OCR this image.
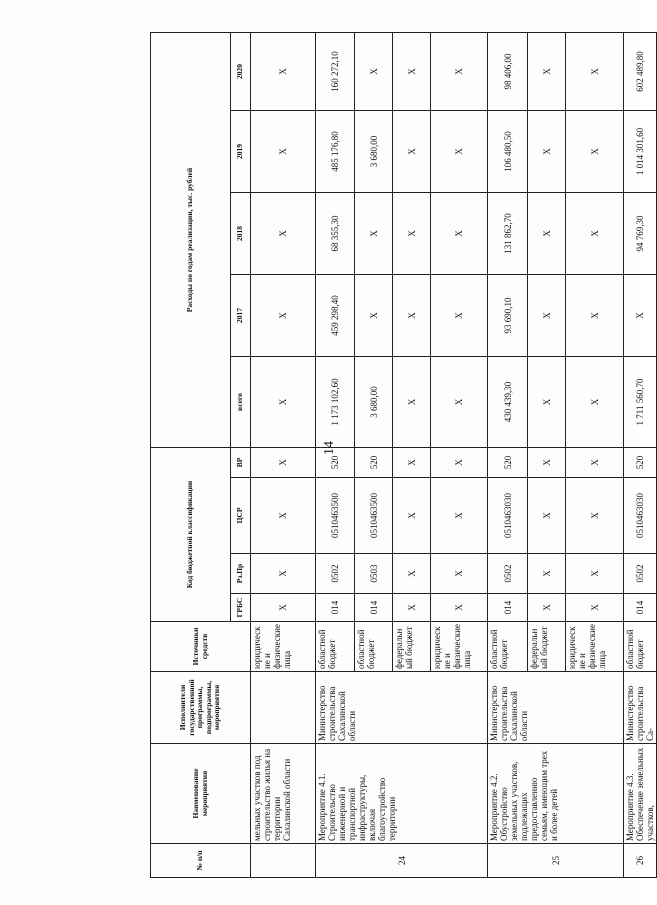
14
№ п/п	Наименование мероприятия	Исполнители государственной программы, подпрограммы, мероприятия	Источники средств	Код бюджетной классификации				Расходы по годам реализации, тыс. рублей				
				ГРБС	Рз.Пр	ЦСР	ВР	всего	2017	2018	2019	2020
	мельных участков под строительство жилья на территории Сахалинской области		юридические и физические лица	X	X	X	X	X	X	X	X	X
24	Мероприятие 4.1. Строительство инженерной и транспортной инфраструктуры, включая благоустройство территории	Министерство строительства Сахалинской области	областной бюджет	014	0502	0510463500	520	1 173 102,60	459 298,40	68 355,30	485 176,80	160 272,10
			областной бюджет	014	0503	0510463500	520	3 680,00	X	X	3 680,00	X
			федеральный бюджет	X	X	X	X	X	X	X	X	X
			юридические и физические лица	X	X	X	X	X	X	X	X	X
25	Мероприятие 4.2. Обустройство земельных участков, подлежащих предоставлению семьям, имеющим трех и более детей	Министерство строительства Сахалинской области	областной бюджет	014	0502	0510463030	520	430 439,30	93 690,10	131 862,70	106 480,50	98 406,00
			федеральный бюджет	X	X	X	X	X	X	X	X	X
			юридические и физические лица	X	X	X	X	X	X	X	X	X
26	Мероприятие 4.3. Обеспечение земельных участков,	Министерство строительства Са-	областной бюджет	014	0502	0510463030	520	1 711 560,70	X	94 769,30	1 014 301,60	602 489,80
